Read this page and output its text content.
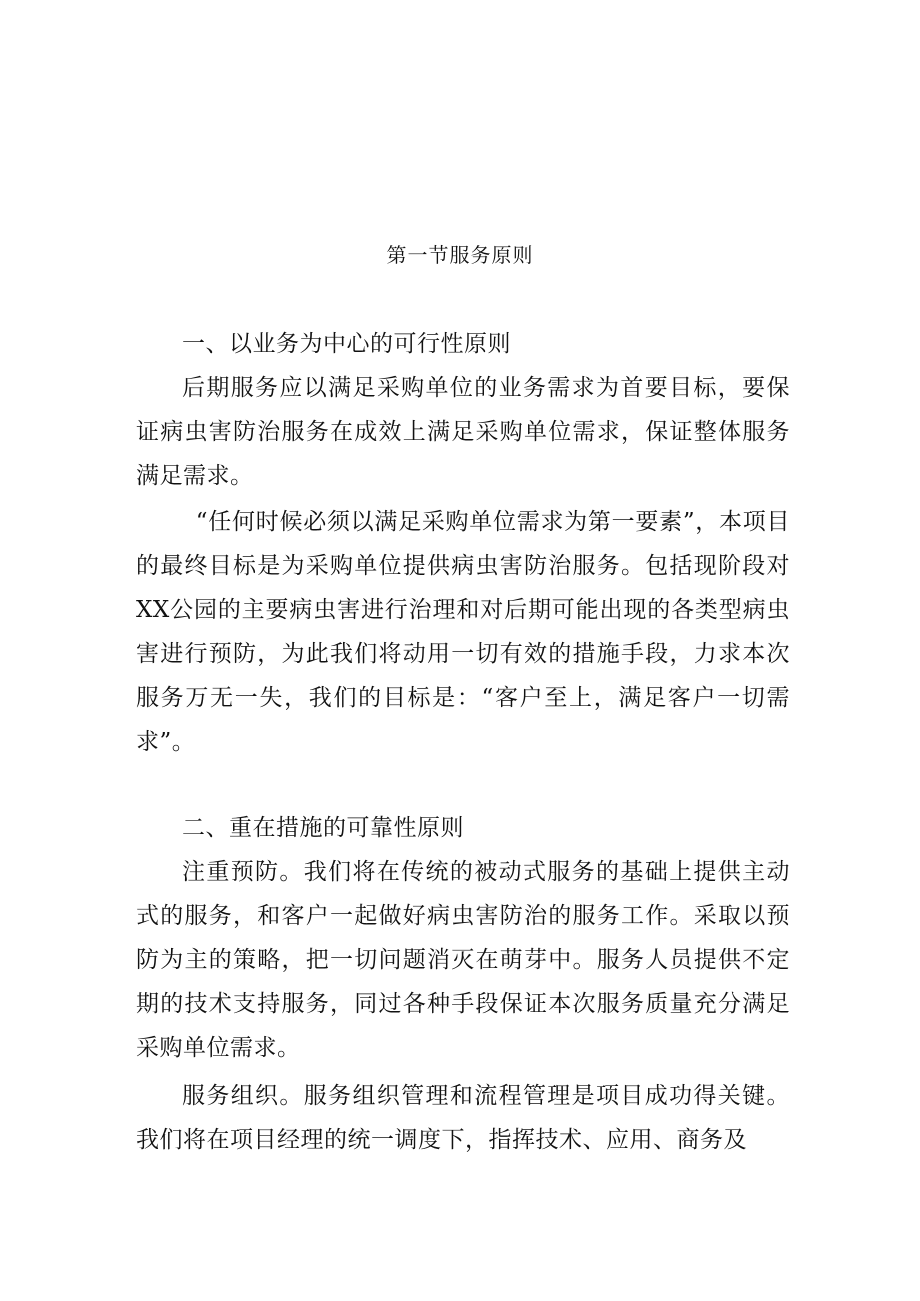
第一节服务原则

一、以业务为中心的可行性原则

后期服务应以满足采购单位的业务需求为首要目标，要保证病虫害防治服务在成效上满足采购单位需求，保证整体服务满足需求。

“任何时候必须以满足采购单位需求为第一要素”，本项目的最终目标是为采购单位提供病虫害防治服务。包括现阶段对XX公园的主要病虫害进行治理和对后期可能出现的各类型病虫害进行预防，为此我们将动用一切有效的措施手段，力求本次服务万无一失，我们的目标是：“客户至上，满足客户一切需求”。

二、重在措施的可靠性原则

注重预防。我们将在传统的被动式服务的基础上提供主动式的服务，和客户一起做好病虫害防治的服务工作。采取以预防为主的策略，把一切问题消灭在萌芽中。服务人员提供不定期的技术支持服务，同过各种手段保证本次服务质量充分满足采购单位需求。

服务组织。服务组织管理和流程管理是项目成功得关键。我们将在项目经理的统一调度下，指挥技术、应用、商务及
